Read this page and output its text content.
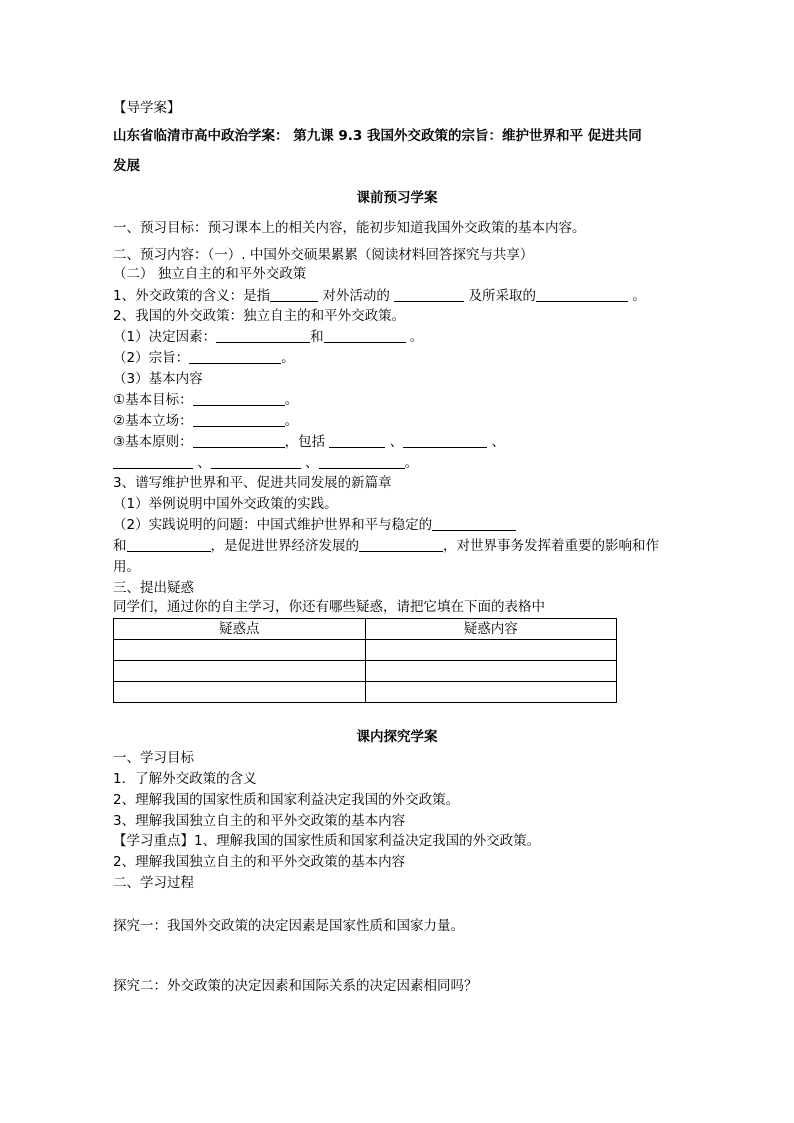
【导学案】
山东省临清市高中政治学案： 第九课 9.3 我国外交政策的宗旨：维护世界和平 促进共同
发展
课前预习学案
一、预习目标：预习课本上的相关内容，能初步知道我国外交政策的基本内容。
二、预习内容：（一）. 中国外交硕果累累（阅读材料回答探究与共享）
（二） 独立自主的和平外交政策
1、外交政策的含义：是指	对外活动的	及所采取的	。
2、我国的外交政策：独立自主的和平外交政策。
（1）决定因素：	和	。
（2）宗旨：	。
（3）基本内容
①基本目标：	。
②基本立场：	。
③基本原则：	，包括	、	、
、	、	。
3、谱写维护世界和平、促进共同发展的新篇章
（1）举例说明中国外交政策的实践。
（2）实践说明的问题：中国式维护世界和平与稳定的
和	，是促进世界经济发展的	，对世界事务发挥着重要的影响和作
用。
三、提出疑惑
同学们，通过你的自主学习，你还有哪些疑惑，请把它填在下面的表格中
疑惑点	疑惑内容

课内探究学案
一、学习目标
1．了解外交政策的含义
2、理解我国的国家性质和国家利益决定我国的外交政策。
3、理解我国独立自主的和平外交政策的基本内容
【学习重点】1、理解我国的国家性质和国家利益决定我国的外交政策。
2、理解我国独立自主的和平外交政策的基本内容
二、学习过程
探究一：我国外交政策的决定因素是国家性质和国家力量。
探究二：外交政策的决定因素和国际关系的决定因素相同吗？
